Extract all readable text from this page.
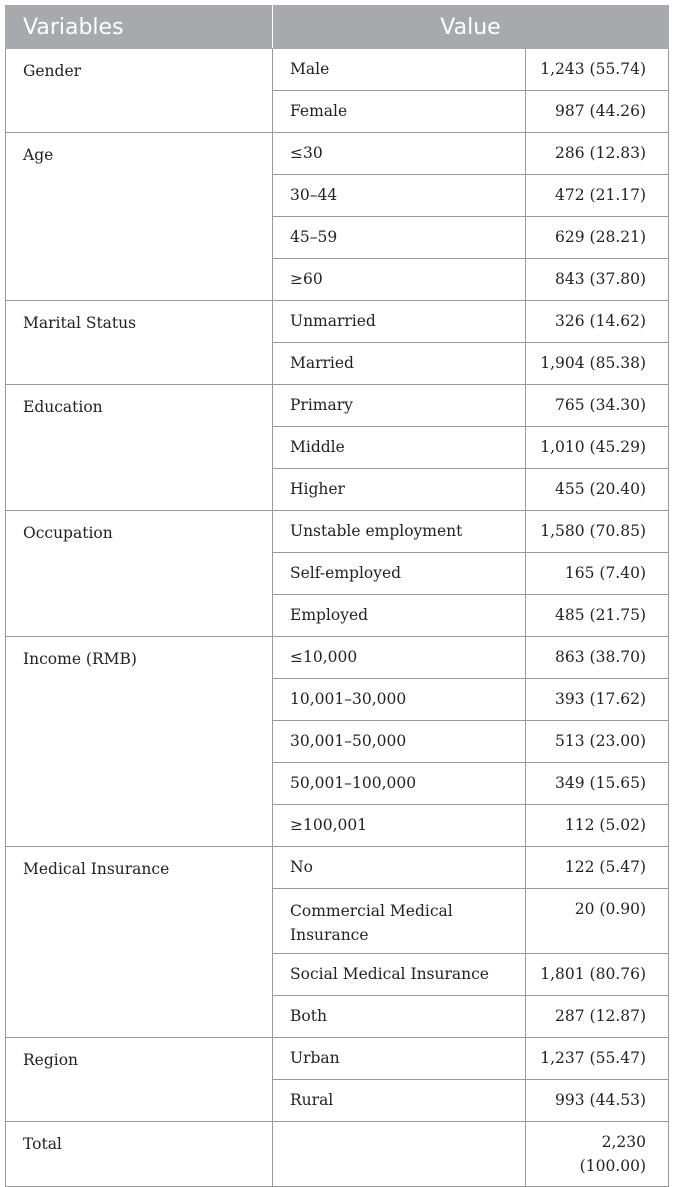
Variables	Value	
Gender	Male	1,243 (55.74)
	Female	987 (44.26)
Age	≤30	286 (12.83)
	30–44	472 (21.17)
	45–59	629 (28.21)
	≥60	843 (37.80)
Marital Status	Unmarried	326 (14.62)
	Married	1,904 (85.38)
Education	Primary	765 (34.30)
	Middle	1,010 (45.29)
	Higher	455 (20.40)
Occupation	Unstable employment	1,580 (70.85)
	Self-employed	165 (7.40)
	Employed	485 (21.75)
Income (RMB)	≤10,000	863 (38.70)
	10,001–30,000	393 (17.62)
	30,001–50,000	513 (23.00)
	50,001–100,000	349 (15.65)
	≥100,001	112 (5.02)
Medical Insurance	No	122 (5.47)
	Commercial Medical Insurance	20 (0.90)
	Social Medical Insurance	1,801 (80.76)
	Both	287 (12.87)
Region	Urban	1,237 (55.47)
	Rural	993 (44.53)
Total		2,230 (100.00)
